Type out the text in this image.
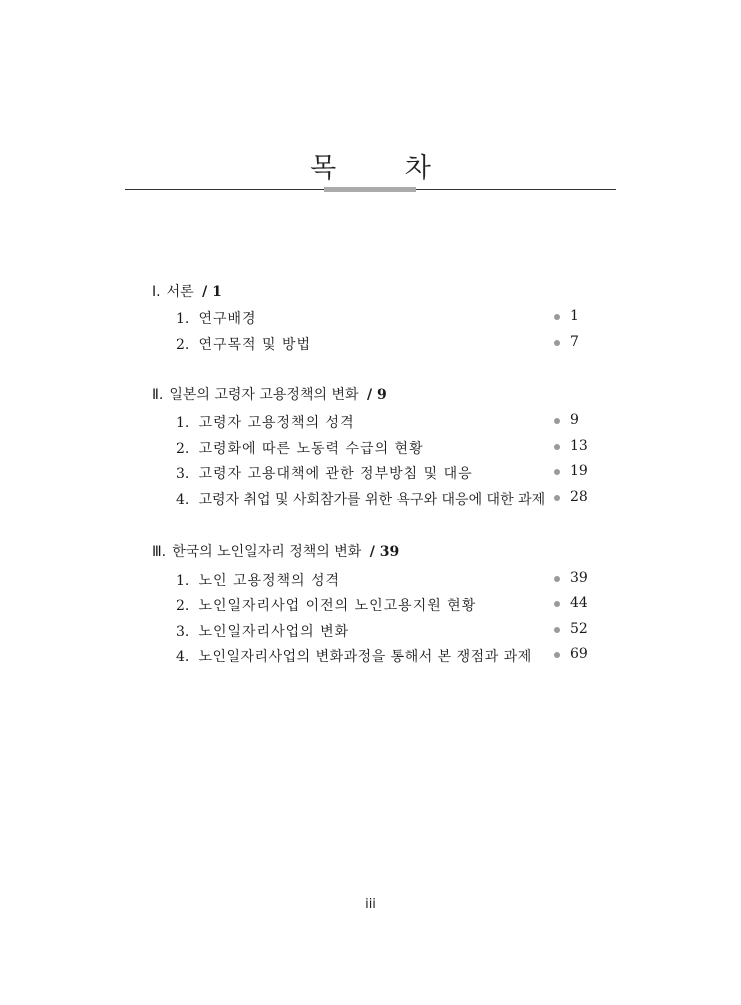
목 차
Ⅰ. 서론 / 1
1. 연구배경	1
2. 연구목적 및 방법	7
Ⅱ. 일본의 고령자 고용정책의 변화 / 9
1. 고령자 고용정책의 성격	9
2. 고령화에 따른 노동력 수급의 현황	13
3. 고령자 고용대책에 관한 정부방침 및 대응	19
4. 고령자 취업 및 사회참가를 위한 욕구와 대응에 대한 과제 28
Ⅲ. 한국의 노인일자리 정책의 변화 / 39
1. 노인 고용정책의 성격	39
2. 노인일자리사업 이전의 노인고용지원 현황	44
3. 노인일자리사업의 변화	52
4. 노인일자리사업의 변화과정을 통해서 본 쟁점과 과제	69
iii
